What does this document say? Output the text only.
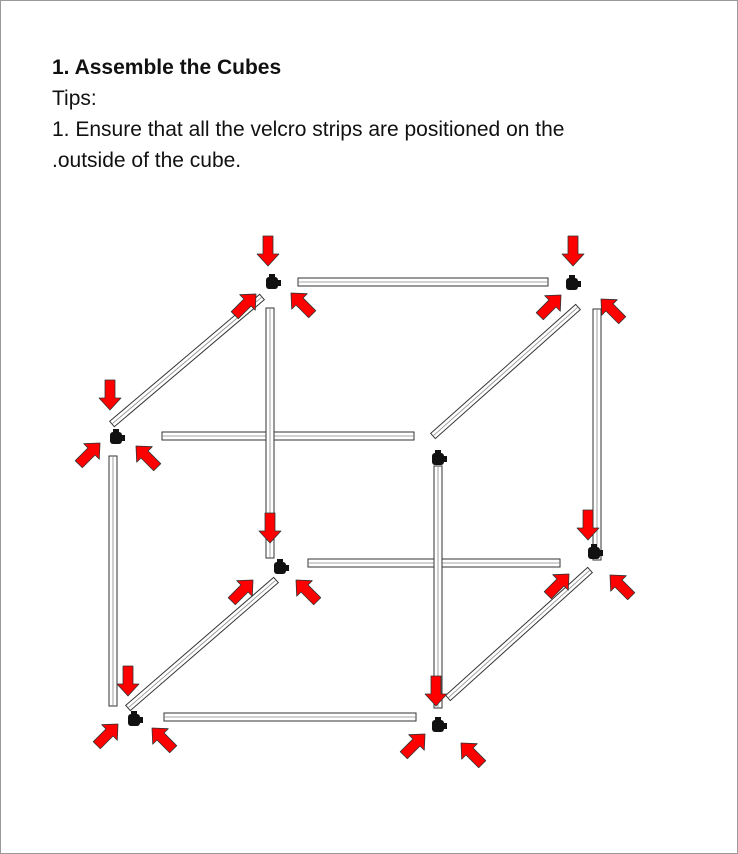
1. Assemble the Cubes
Tips:
1. Ensure that all the velcro strips are positioned on the
.outside of the cube.
